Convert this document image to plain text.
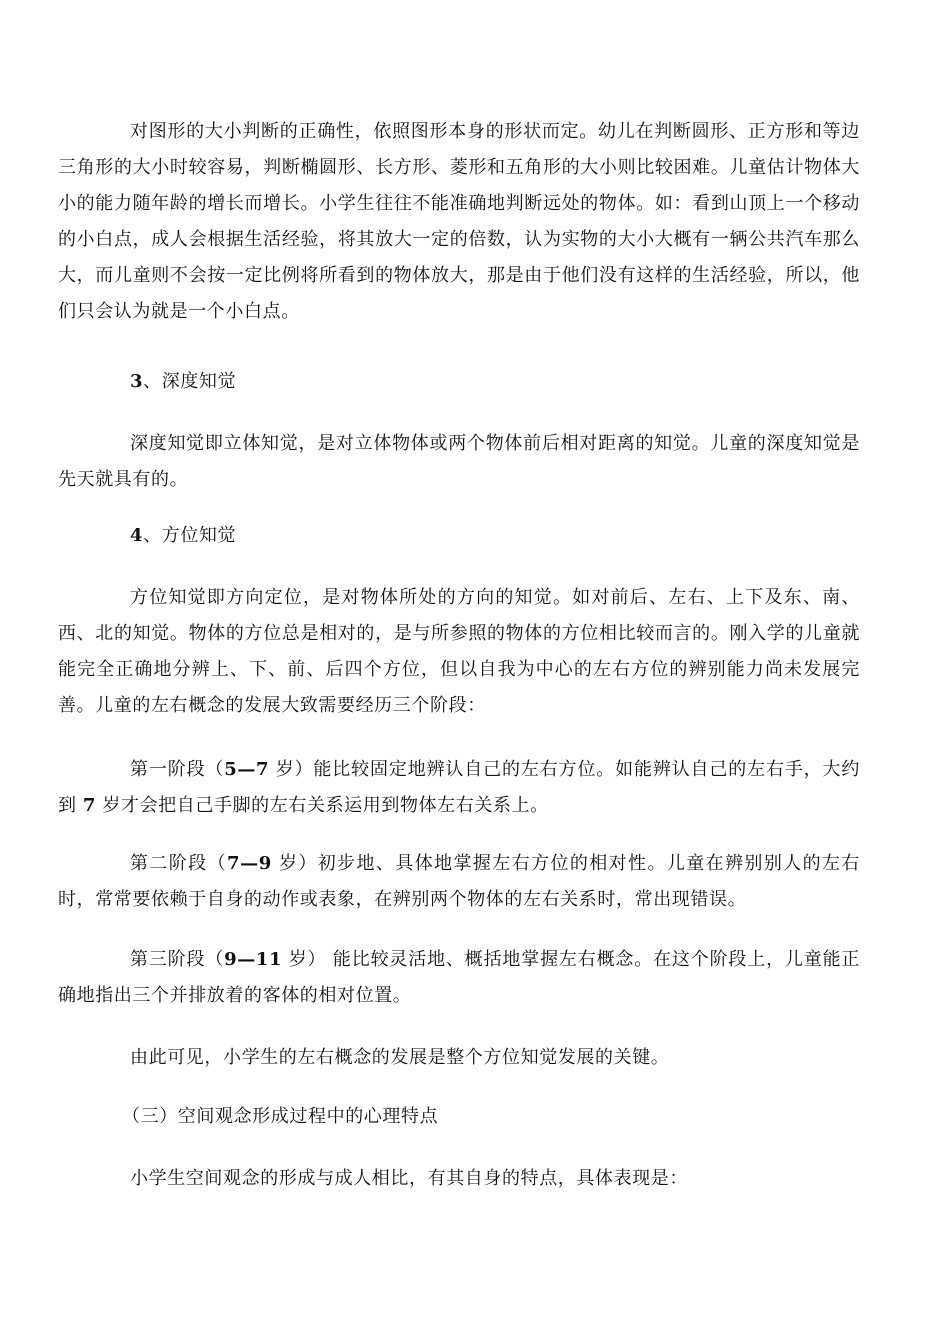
对图形的大小判断的正确性，依照图形本身的形状而定。幼儿在判断圆形、正方形和等边三角形的大小时较容易，判断椭圆形、长方形、菱形和五角形的大小则比较困难。儿童估计物体大小的能力随年龄的增长而增长。小学生往往不能准确地判断远处的物体。如：看到山顶上一个移动的小白点，成人会根据生活经验，将其放大一定的倍数，认为实物的大小大概有一辆公共汽车那么大，而儿童则不会按一定比例将所看到的物体放大，那是由于他们没有这样的生活经验，所以，他们只会认为就是一个小白点。

3、深度知觉

深度知觉即立体知觉，是对立体物体或两个物体前后相对距离的知觉。儿童的深度知觉是先天就具有的。

4、方位知觉

方位知觉即方向定位，是对物体所处的方向的知觉。如对前后、左右、上下及东、南、西、北的知觉。物体的方位总是相对的，是与所参照的物体的方位相比较而言的。刚入学的儿童就能完全正确地分辨上、下、前、后四个方位，但以自我为中心的左右方位的辨别能力尚未发展完善。儿童的左右概念的发展大致需要经历三个阶段：

第一阶段（5—7 岁）能比较固定地辨认自己的左右方位。如能辨认自己的左右手，大约到 7 岁才会把自己手脚的左右关系运用到物体左右关系上。

第二阶段（7—9 岁）初步地、具体地掌握左右方位的相对性。儿童在辨别别人的左右时，常常要依赖于自身的动作或表象，在辨别两个物体的左右关系时，常出现错误。

第三阶段（9—11 岁） 能比较灵活地、概括地掌握左右概念。在这个阶段上，儿童能正确地指出三个并排放着的客体的相对位置。

由此可见，小学生的左右概念的发展是整个方位知觉发展的关键。

（三）空间观念形成过程中的心理特点

小学生空间观念的形成与成人相比，有其自身的特点，具体表现是：
